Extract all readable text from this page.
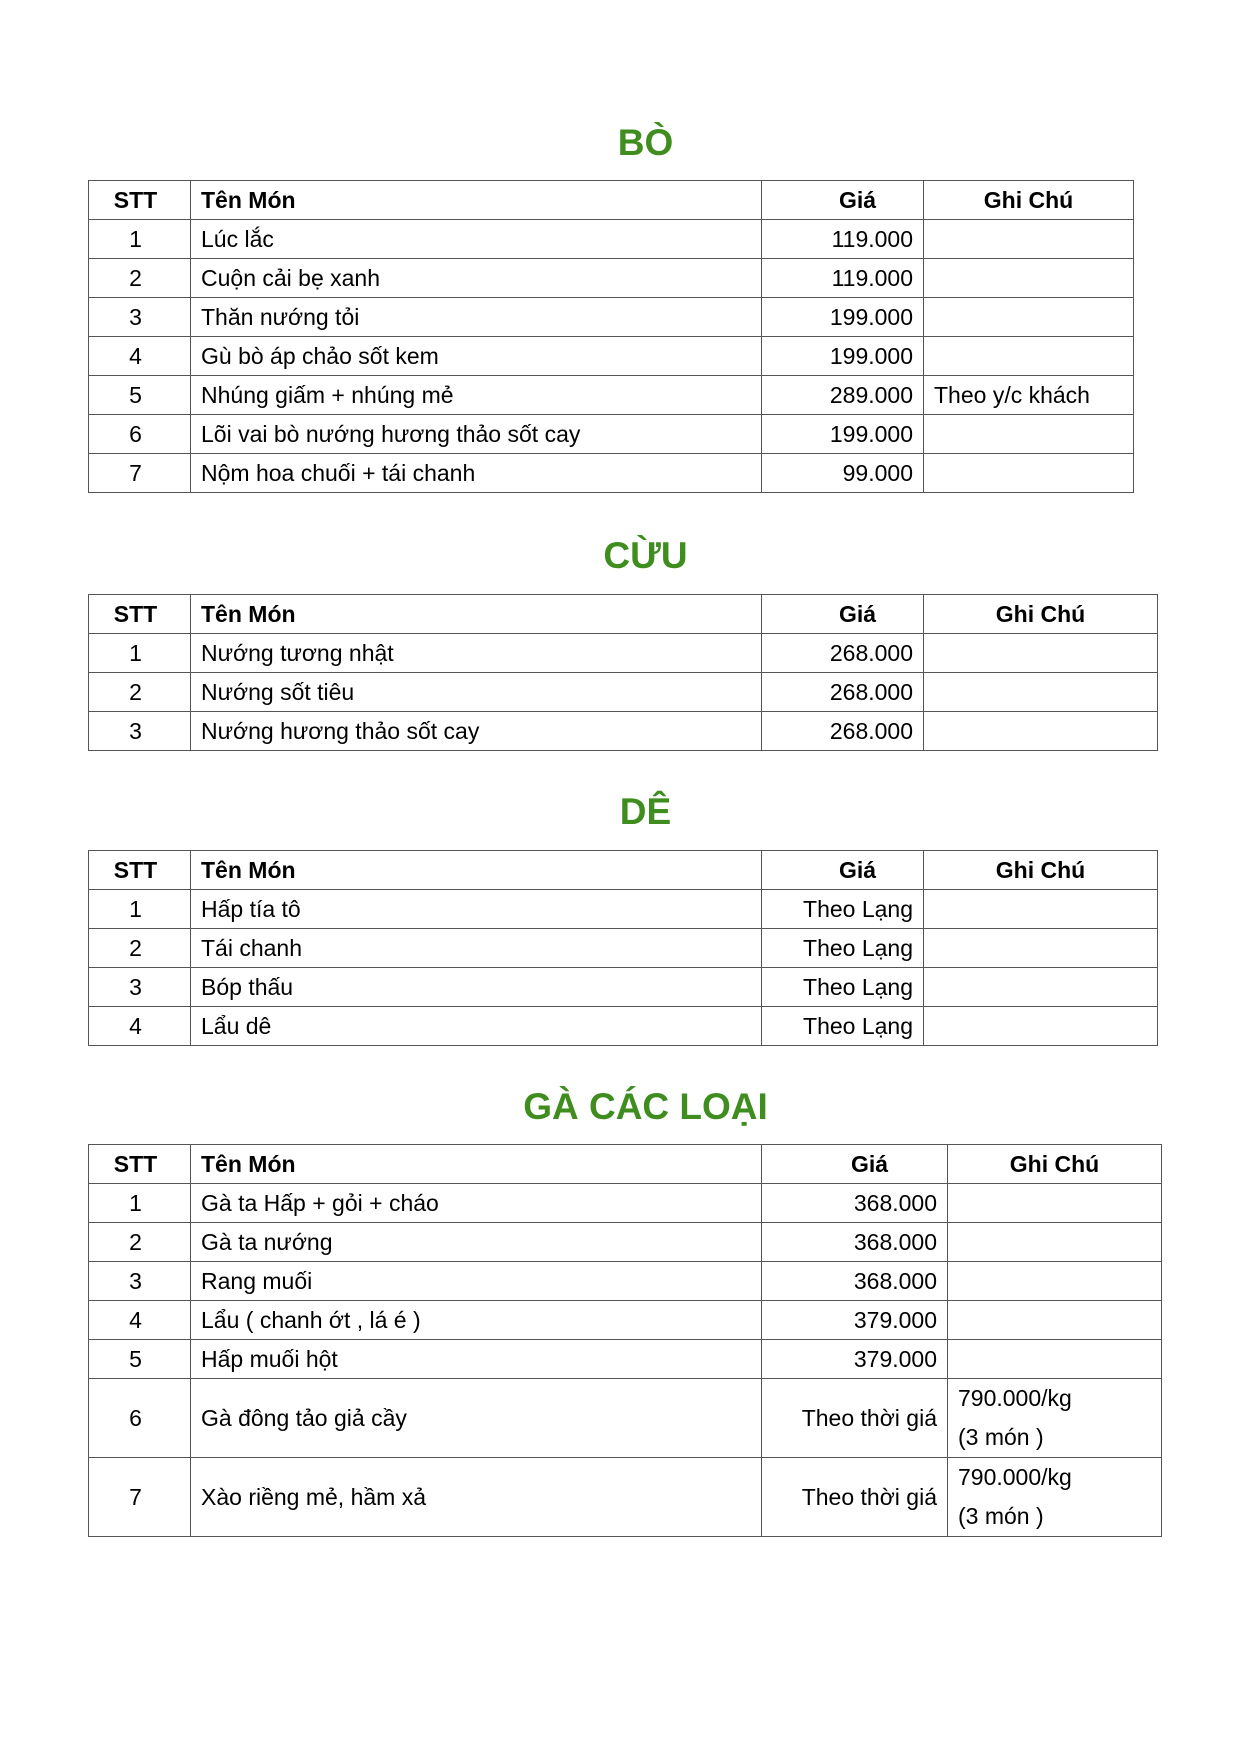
BÒ
STT	Tên Món	Giá	Ghi Chú
1	Lúc lắc	119.000	
2	Cuộn cải bẹ xanh	119.000	
3	Thăn nướng tỏi	199.000	
4	Gù bò áp chảo sốt kem	199.000	
5	Nhúng giấm + nhúng mẻ	289.000	Theo y/c khách
6	Lõi vai bò nướng hương thảo sốt cay	199.000	
7	Nộm hoa chuối + tái chanh	99.000	
CỪU
STT	Tên Món	Giá	Ghi Chú
1	Nướng tương nhật	268.000	
2	Nướng sốt tiêu	268.000	
3	Nướng hương thảo sốt cay	268.000	
DÊ
STT	Tên Món	Giá	Ghi Chú
1	Hấp tía tô	Theo Lạng	
2	Tái chanh	Theo Lạng	
3	Bóp thấu	Theo Lạng	
4	Lẩu dê	Theo Lạng	
GÀ CÁC LOẠI
STT	Tên Món	Giá	Ghi Chú
1	Gà ta Hấp + gỏi + cháo	368.000	
2	Gà ta nướng	368.000	
3	Rang muối	368.000	
4	Lẩu ( chanh ớt , lá é )	379.000	
5	Hấp muối hột	379.000	
6	Gà đông tảo giả cầy	Theo thời giá	790.000/kg
(3 món )

7	Xào riềng mẻ, hầm xả	Theo thời giá	790.000/kg
(3 món )
